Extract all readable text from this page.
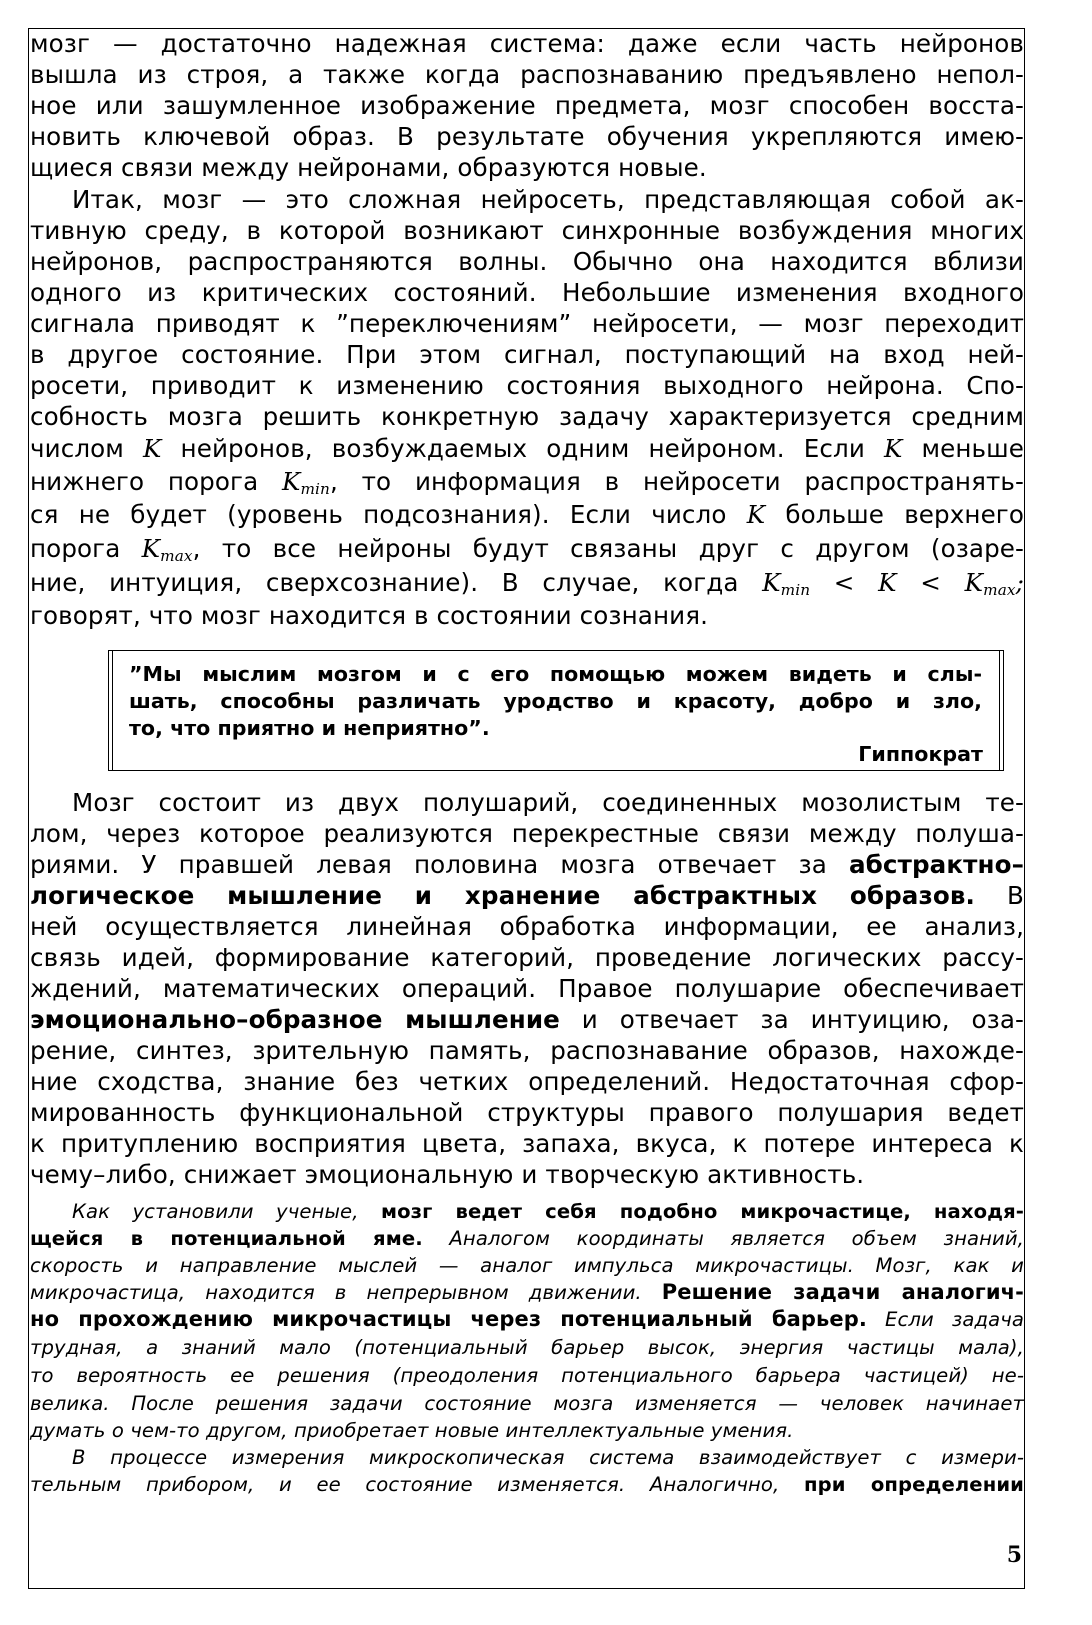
мозг — достаточно надежная система: даже если часть нейронов
вышла из строя, а также когда распознаванию предъявлено непол-
ное или зашумленное изображение предмета, мозг способен восста-
новить ключевой образ. В результате обучения укрепляются имею-
щиеся связи между нейронами, образуются новые.
Итак, мозг — это сложная нейросеть, представляющая собой ак-
тивную среду, в которой возникают синхронные возбуждения многих
нейронов, распространяются волны. Обычно она находится вблизи
одного из критических состояний. Небольшие изменения входного
сигнала приводят к ”переключениям” нейросети, — мозг переходит
в другое состояние. При этом сигнал, поступающий на вход ней-
росети, приводит к изменению состояния выходного нейрона. Спо-
собность мозга решить конкретную задачу характеризуется средним
числом K нейронов, возбуждаемых одним нейроном. Если K меньше
нижнего порога $K_{min}$, то информация в нейросети распространять-
ся не будет (уровень подсознания). Если число K больше верхнего
порога $K_{max}$, то все нейроны будут связаны друг с другом (озаре-
ние, интуиция, сверхсознание). В случае, когда $K_{min} < K < K_{max}$;
говорят, что мозг находится в состоянии сознания.
”Мы мыслим мозгом и с его помощью можем видеть и слы-
шать, способны различать уродство и красоту, добро и зло,
то, что приятно и неприятно”.
Гиппократ
Мозг состоит из двух полушарий, соединенных мозолистым те-
лом, через которое реализуются перекрестные связи между полуша-
риями. У правшей левая половина мозга отвечает за абстрактно–
логическое мышление и хранение абстрактных образов. В
ней осуществляется линейная обработка информации, ее анализ,
связь идей, формирование категорий, проведение логических рассу-
ждений, математических операций. Правое полушарие обеспечивает
эмоционально–образное мышление и отвечает за интуицию, оза-
рение, синтез, зрительную память, распознавание образов, нахожде-
ние сходства, знание без четких определений. Недостаточная сфор-
мированность функциональной структуры правого полушария ведет
к притуплению восприятия цвета, запаха, вкуса, к потере интереса к
чему–либо, снижает эмоциональную и творческую активность.
Как установили ученые, мозг ведет себя подобно микрочастице, находя-
щейся в потенциальной яме. Аналогом координаты является объем знаний,
скорость и направление мыслей — аналог импульса микрочастицы. Мозг, как и
микрочастица, находится в непрерывном движении. Решение задачи аналогич-
но прохождению микрочастицы через потенциальный барьер. Если задача
трудная, а знаний мало (потенциальный барьер высок, энергия частицы мала),
то вероятность ее решения (преодоления потенциального барьера частицей) не-
велика. После решения задачи состояние мозга изменяется — человек начинает
думать о чем-то другом, приобретает новые интеллектуальные умения.
В процессе измерения микроскопическая система взаимодействует с измери-
тельным прибором, и ее состояние изменяется. Аналогично, при определении
5
